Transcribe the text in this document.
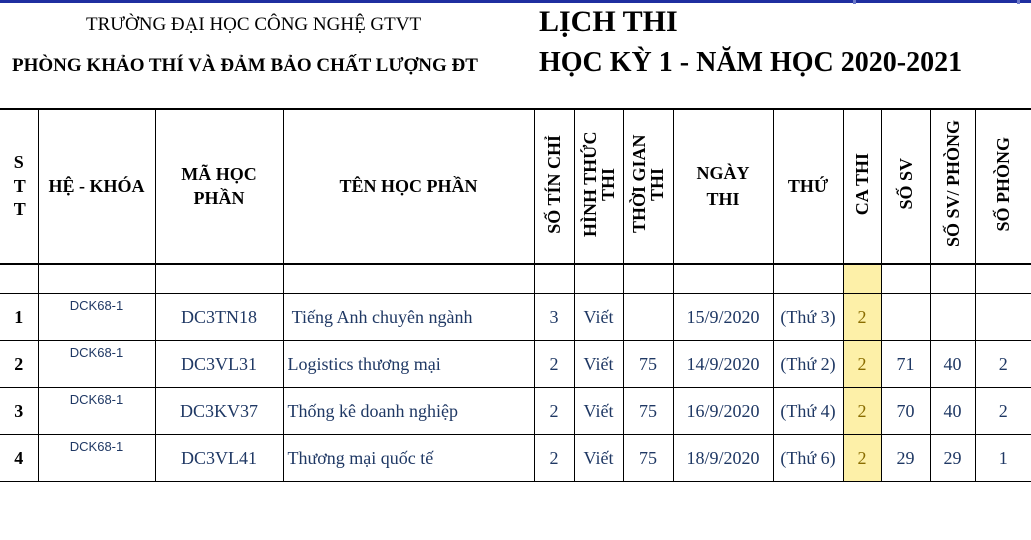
TRƯỜNG ĐẠI HỌC CÔNG NGHỆ GTVT
PHÒNG KHẢO THÍ VÀ ĐẢM BẢO CHẤT LƯỢNG ĐT
LỊCH THI
HỌC KỲ 1 - NĂM HỌC 2020-2021
STT	HỆ - KHÓA	MÃ HỌC PHẦN	TÊN HỌC PHẦN	SỐ TÍN CHỈ	HÌNH THỨC THI	THỜI GIAN THI	NGÀY THI	THỨ	CA THI	SỐ SV	SỐ SV/ PHÒNG	SỐ PHÒNG

1	DCK68-1	DC3TN18	Tiếng Anh chuyên ngành	3	Viết		15/9/2020	(Thứ 3)	2			
2	DCK68-1	DC3VL31	Logistics thương mại	2	Viết	75	14/9/2020	(Thứ 2)	2	71	40	2
3	DCK68-1	DC3KV37	Thống kê doanh nghiệp	2	Viết	75	16/9/2020	(Thứ 4)	2	70	40	2
4	DCK68-1	DC3VL41	Thương mại quốc tế	2	Viết	75	18/9/2020	(Thứ 6)	2	29	29	1
